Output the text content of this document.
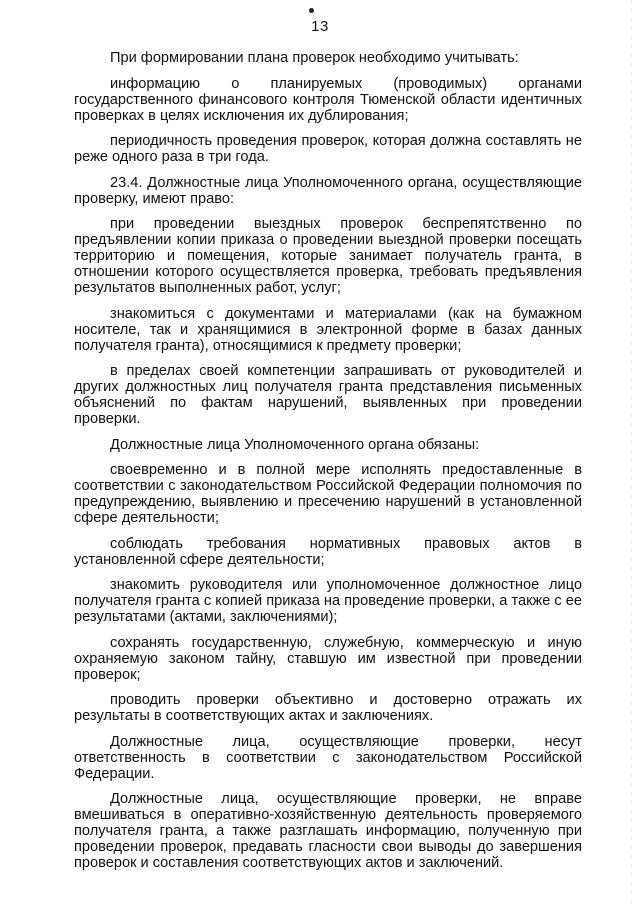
13

При формировании плана проверок необходимо учитывать:

информацию о планируемых (проводимых) органами государственного финансового контроля Тюменской области идентичных проверках в целях исключения их дублирования;

периодичность проведения проверок, которая должна составлять не реже одного раза в три года.

23.4. Должностные лица Уполномоченного органа, осуществляющие проверку, имеют право:

при проведении выездных проверок беспрепятственно по предъявлении копии приказа о проведении выездной проверки посещать территорию и помещения, которые занимает получатель гранта, в отношении которого осуществляется проверка, требовать предъявления результатов выполненных работ, услуг;

знакомиться с документами и материалами (как на бумажном носителе, так и хранящимися в электронной форме в базах данных получателя гранта), относящимися к предмету проверки;

в пределах своей компетенции запрашивать от руководителей и других должностных лиц получателя гранта представления письменных объяснений по фактам нарушений, выявленных при проведении проверки.

Должностные лица Уполномоченного органа обязаны:

своевременно и в полной мере исполнять предоставленные в соответствии с законодательством Российской Федерации полномочия по предупреждению, выявлению и пресечению нарушений в установленной сфере деятельности;

соблюдать требования нормативных правовых актов в установленной сфере деятельности;

знакомить руководителя или уполномоченное должностное лицо получателя гранта с копией приказа на проведение проверки, а также с ее результатами (актами, заключениями);

сохранять государственную, служебную, коммерческую и иную охраняемую законом тайну, ставшую им известной при проведении проверок;

проводить проверки объективно и достоверно отражать их результаты в соответствующих актах и заключениях.

Должностные лица, осуществляющие проверки, несут ответственность в соответствии с законодательством Российской Федерации.

Должностные лица, осуществляющие проверки, не вправе вмешиваться в оперативно-хозяйственную деятельность проверяемого получателя гранта, а также разглашать информацию, полученную при проведении проверок, предавать гласности свои выводы до завершения проверок и составления соответствующих актов и заключений.
